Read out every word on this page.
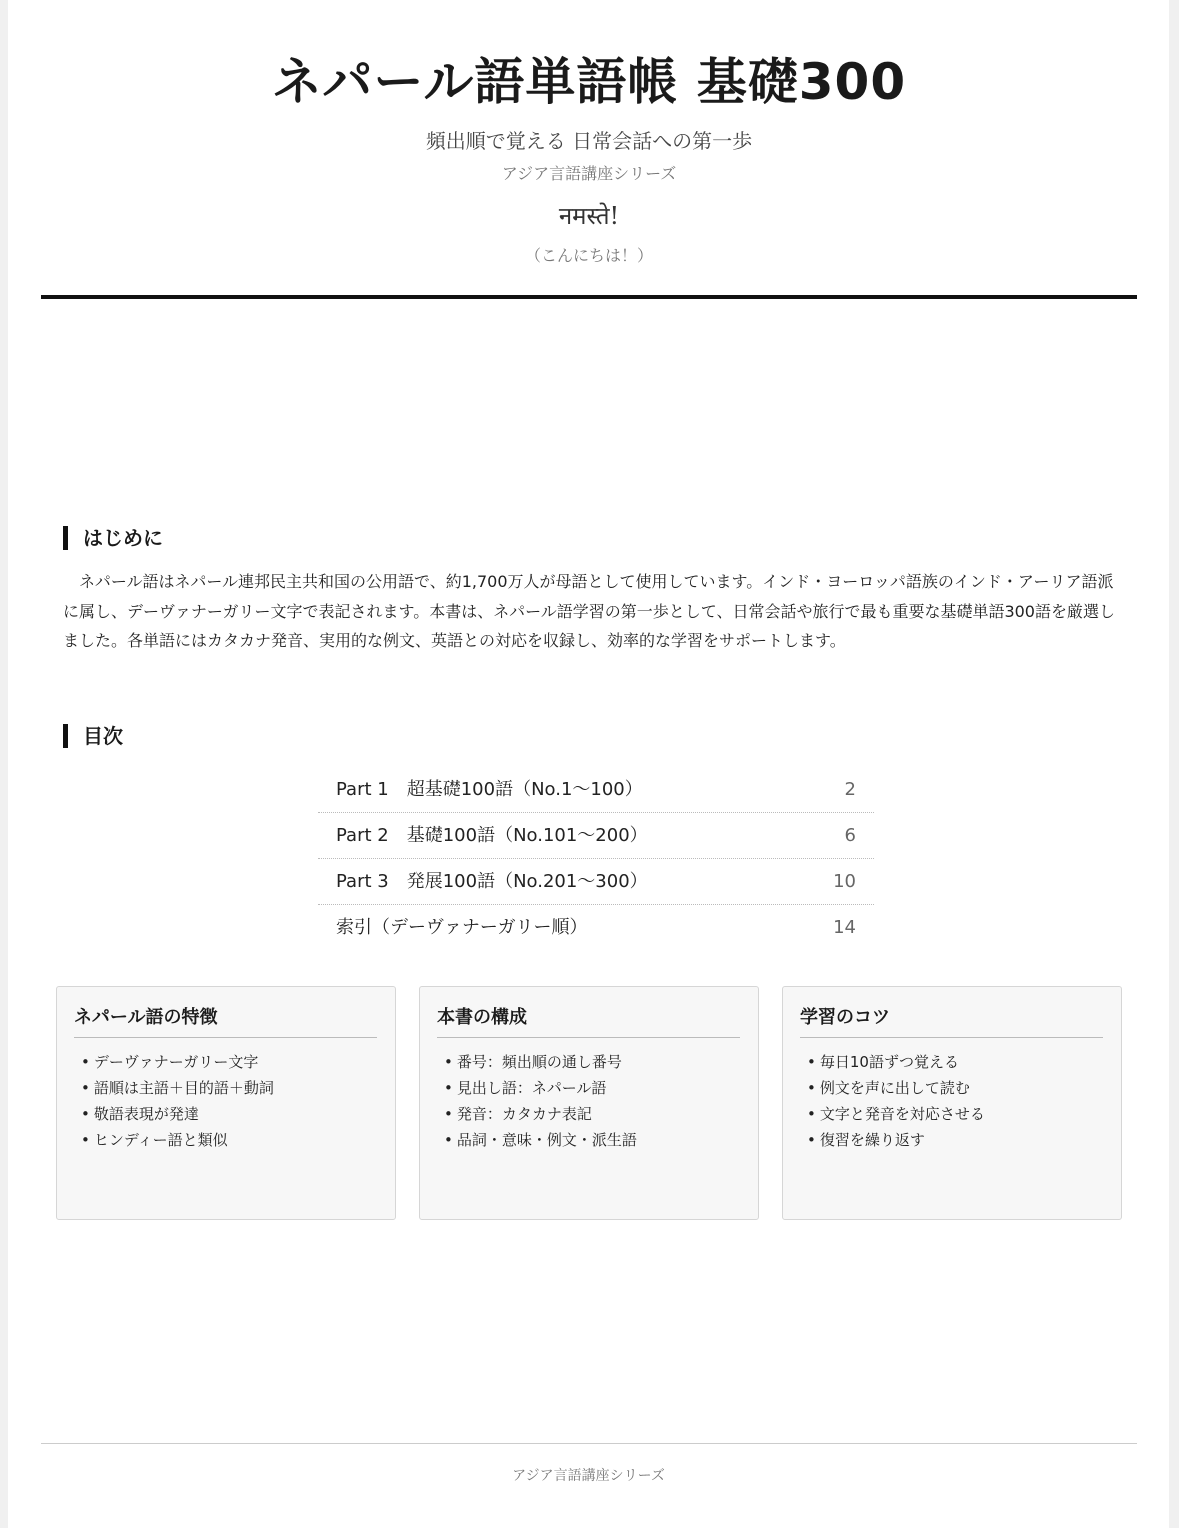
ネパール語単語帳 基礎300
頻出順で覚える 日常会話への第一歩
アジア言語講座シリーズ
नमस्ते!
（こんにちは！）
はじめに

ネパール語はネパール連邦民主共和国の公用語で、約1,700万人が母語として使用しています。インド・ヨーロッパ語族のインド・アーリア語派に属し、デーヴァナーガリー文字で表記されます。本書は、ネパール語学習の第一歩として、日常会話や旅行で最も重要な基礎単語300語を厳選しました。各単語にはカタカナ発音、実用的な例文、英語との対応を収録し、効率的な学習をサポートします。

目次
Part 1　超基礎100語（No.1〜100）	2
Part 2　基礎100語（No.101〜200）	6
Part 3　発展100語（No.201〜300）	10
索引（デーヴァナーガリー順）	14
ネパール語の特徴
• デーヴァナーガリー文字
• 語順は主語＋目的語＋動詞
• 敬語表現が発達
• ヒンディー語と類似
本書の構成
• 番号：頻出順の通し番号
• 見出し語：ネパール語
• 発音：カタカナ表記
• 品詞・意味・例文・派生語
学習のコツ
• 毎日10語ずつ覚える
• 例文を声に出して読む
• 文字と発音を対応させる
• 復習を繰り返す
アジア言語講座シリーズ
